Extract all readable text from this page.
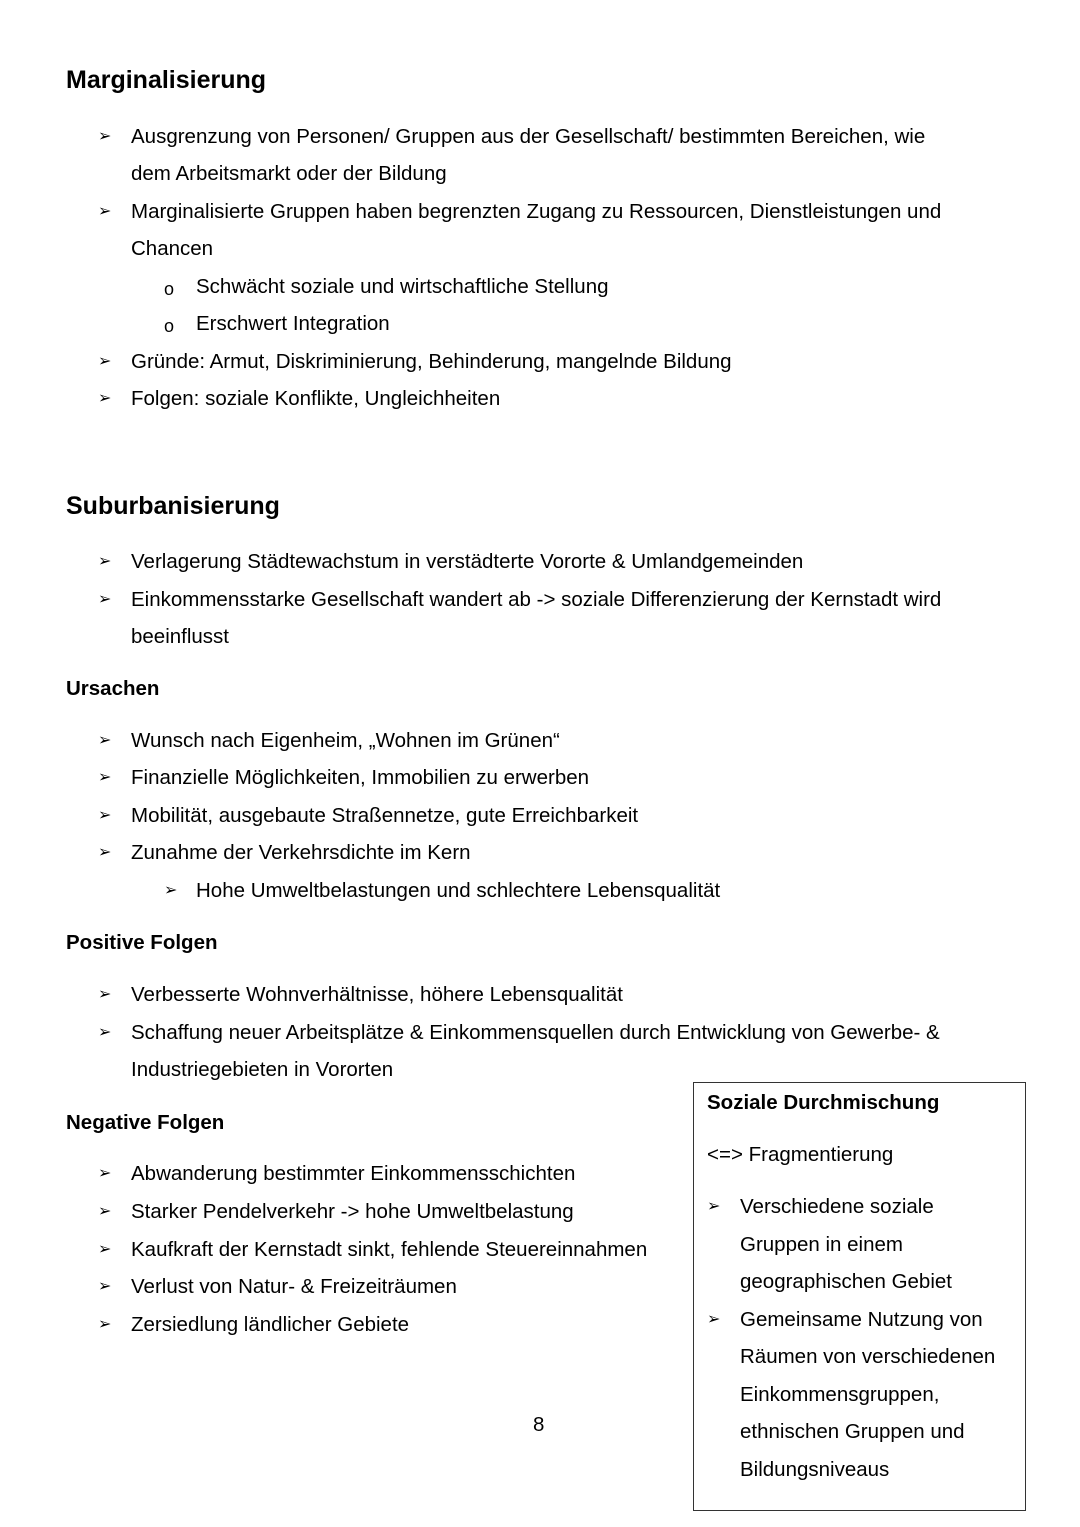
Marginalisierung
➢ Ausgrenzung von Personen/ Gruppen aus der Gesellschaft/ bestimmten Bereichen, wie
dem Arbeitsmarkt oder der Bildung
➢ Marginalisierte Gruppen haben begrenzten Zugang zu Ressourcen, Dienstleistungen und
Chancen
o Schwächt soziale und wirtschaftliche Stellung
o Erschwert Integration
➢ Gründe: Armut, Diskriminierung, Behinderung, mangelnde Bildung
➢ Folgen: soziale Konflikte, Ungleichheiten
Suburbanisierung
➢ Verlagerung Städtewachstum in verstädterte Vororte & Umlandgemeinden
➢ Einkommensstarke Gesellschaft wandert ab -> soziale Differenzierung der Kernstadt wird
beeinflusst
Ursachen
➢ Wunsch nach Eigenheim, „Wohnen im Grünen“
➢ Finanzielle Möglichkeiten, Immobilien zu erwerben
➢ Mobilität, ausgebaute Straßennetze, gute Erreichbarkeit
➢ Zunahme der Verkehrsdichte im Kern
➢ Hohe Umweltbelastungen und schlechtere Lebensqualität
Positive Folgen
➢ Verbesserte Wohnverhältnisse, höhere Lebensqualität
➢ Schaffung neuer Arbeitsplätze & Einkommensquellen durch Entwicklung von Gewerbe- &
Industriegebieten in Vororten
Negative Folgen
➢ Abwanderung bestimmter Einkommensschichten
➢ Starker Pendelverkehr -> hohe Umweltbelastung
➢ Kaufkraft der Kernstadt sinkt, fehlende Steuereinnahmen
➢ Verlust von Natur- & Freizeiträumen
➢ Zersiedlung ländlicher Gebiete
Soziale Durchmischung
<=> Fragmentierung
➢ Verschiedene soziale
Gruppen in einem
geographischen Gebiet
➢ Gemeinsame Nutzung von
Räumen von verschiedenen
Einkommensgruppen,
ethnischen Gruppen und
Bildungsniveaus
8
